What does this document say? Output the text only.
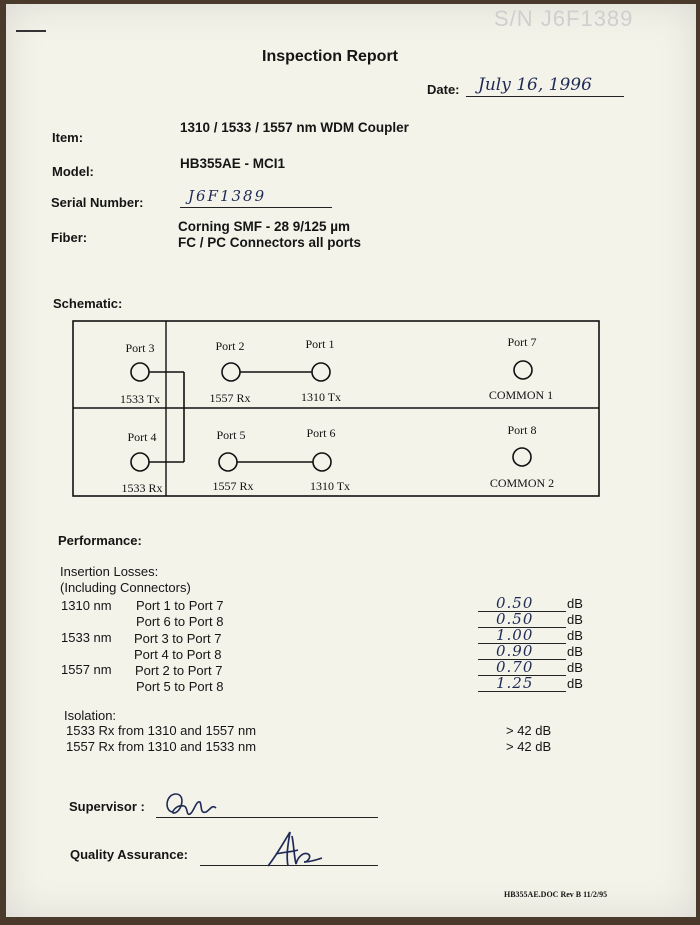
S/N J6F1389
Inspection Report
Date: July 16, 1996
Item:
1310 / 1533 / 1557 nm WDM Coupler
Model:
HB355AE - MCI1
Serial Number:	J6F1389
Fiber:
Corning SMF - 28 9/125 µm
FC / PC Connectors all ports
Schematic:
Port 3
1533 Tx
Port 2
1557 Rx
Port 1
1310 Tx
Port 7
COMMON 1
Port 4
1533 Rx
Port 5
1557 Rx
Port 6
1310 Tx
Port 8
COMMON 2
Performance:
Insertion Losses:
(Including Connectors)
1310 nm Port 1 to Port 7	0.50	dB
Port 6 to Port 8	0.50	dB
1533 nm Port 3 to Port 7	1.00	dB
Port 4 to Port 8	0.90	dB
1557 nm Port 2 to Port 7	0.70	dB
Port 5 to Port 8	1.25	dB
Isolation:
1533 Rx from 1310 and 1557 nm	> 42 dB
1557 Rx from 1310 and 1533 nm	> 42 dB
Supervisor :
Quality Assurance:
HB355AE.DOC Rev B 11/2/95
